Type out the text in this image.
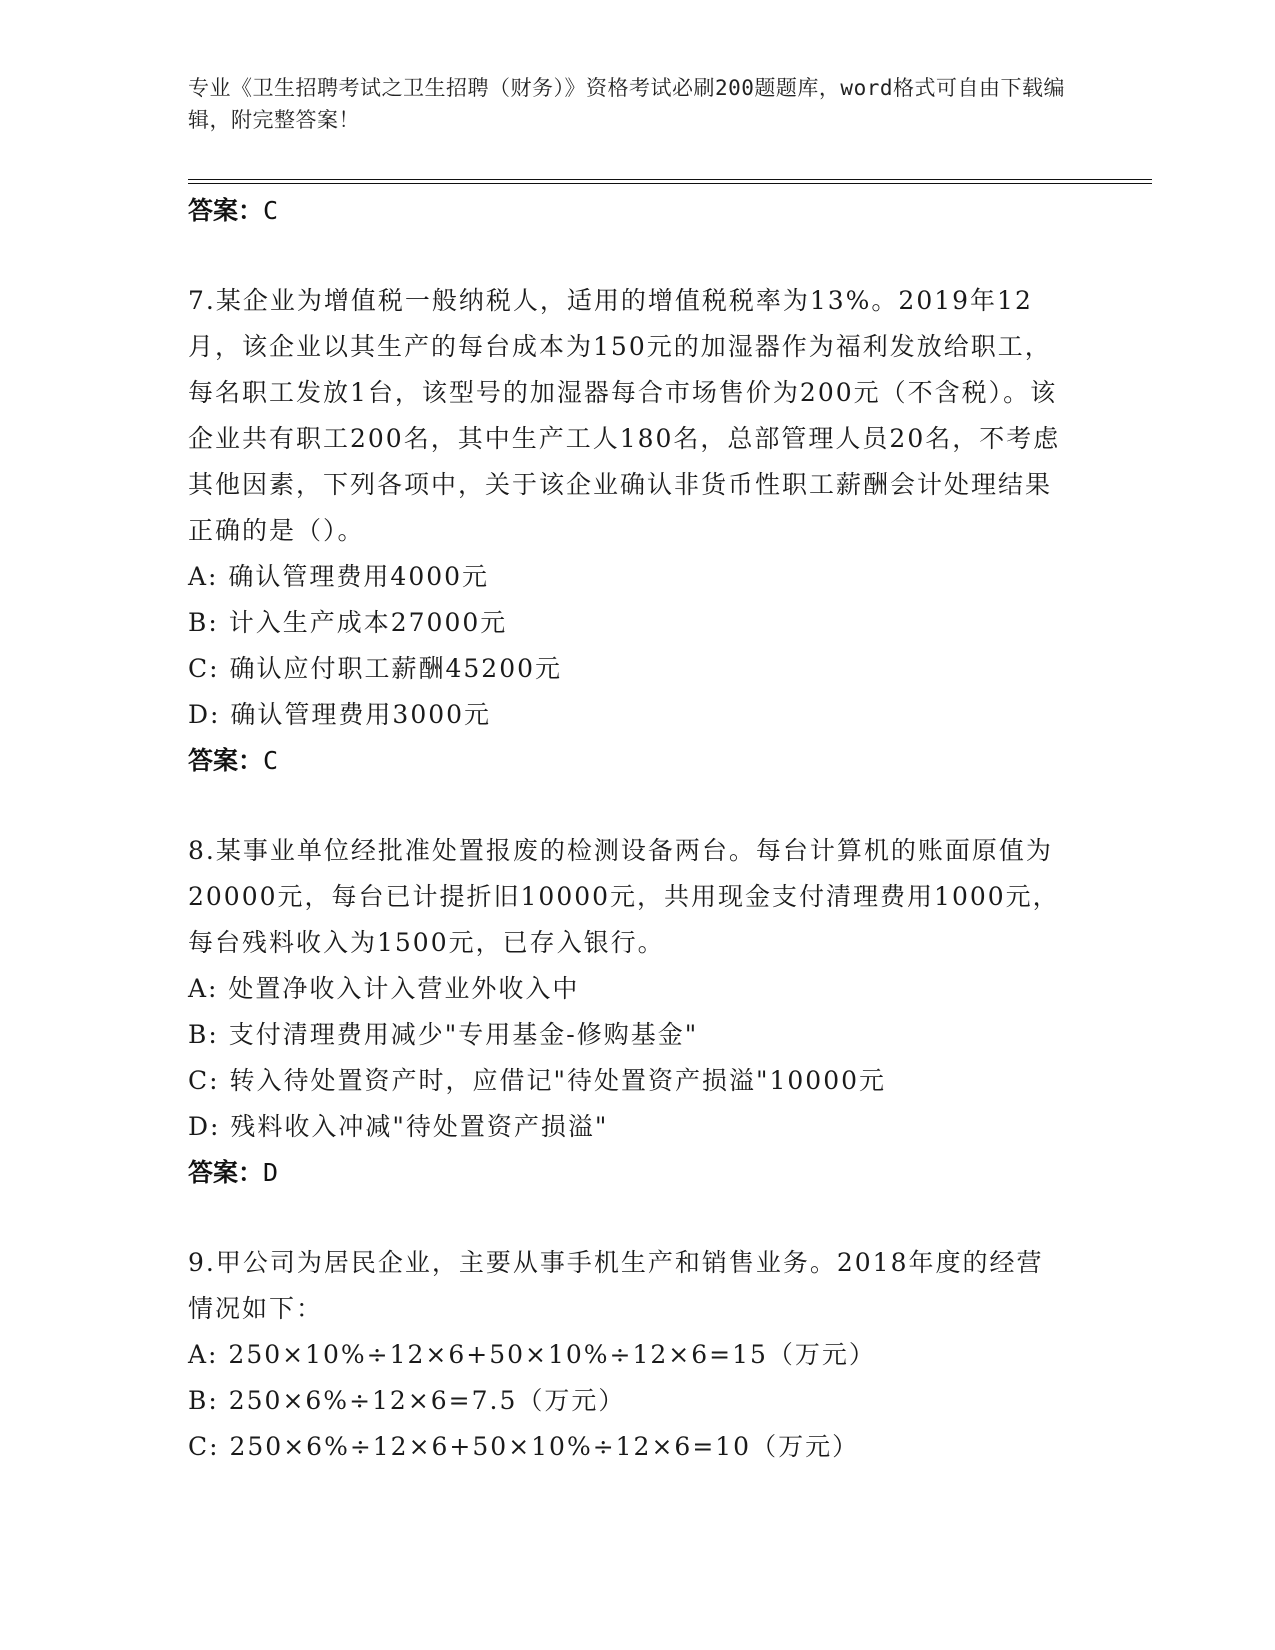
专业《卫生招聘考试之卫生招聘（财务）》资格考试必刷200题题库，word格式可自由下载编辑，附完整答案！

答案：C

7.某企业为增值税一般纳税人，适用的增值税税率为13%。2019年12月，该企业以其生产的每台成本为150元的加湿器作为福利发放给职工，每名职工发放1台，该型号的加湿器每合市场售价为200元（不含税）。该企业共有职工200名，其中生产工人180名，总部管理人员20名，不考虑其他因素，下列各项中，关于该企业确认非货币性职工薪酬会计处理结果正确的是（）。

A: 确认管理费用4000元

B: 计入生产成本27000元

C: 确认应付职工薪酬45200元

D: 确认管理费用3000元

答案：C

8.某事业单位经批准处置报废的检测设备两台。每台计算机的账面原值为20000元，每台已计提折旧10000元，共用现金支付清理费用1000元，每台残料收入为1500元，已存入银行。

A: 处置净收入计入营业外收入中

B: 支付清理费用减少"专用基金-修购基金"

C: 转入待处置资产时，应借记"待处置资产损溢"10000元

D: 残料收入冲减"待处置资产损溢"

答案：D

9.甲公司为居民企业，主要从事手机生产和销售业务。2018年度的经营情况如下：

A: 250×10%÷12×6+50×10%÷12×6=15（万元）

B: 250×6%÷12×6=7.5（万元）

C: 250×6%÷12×6+50×10%÷12×6=10（万元）
